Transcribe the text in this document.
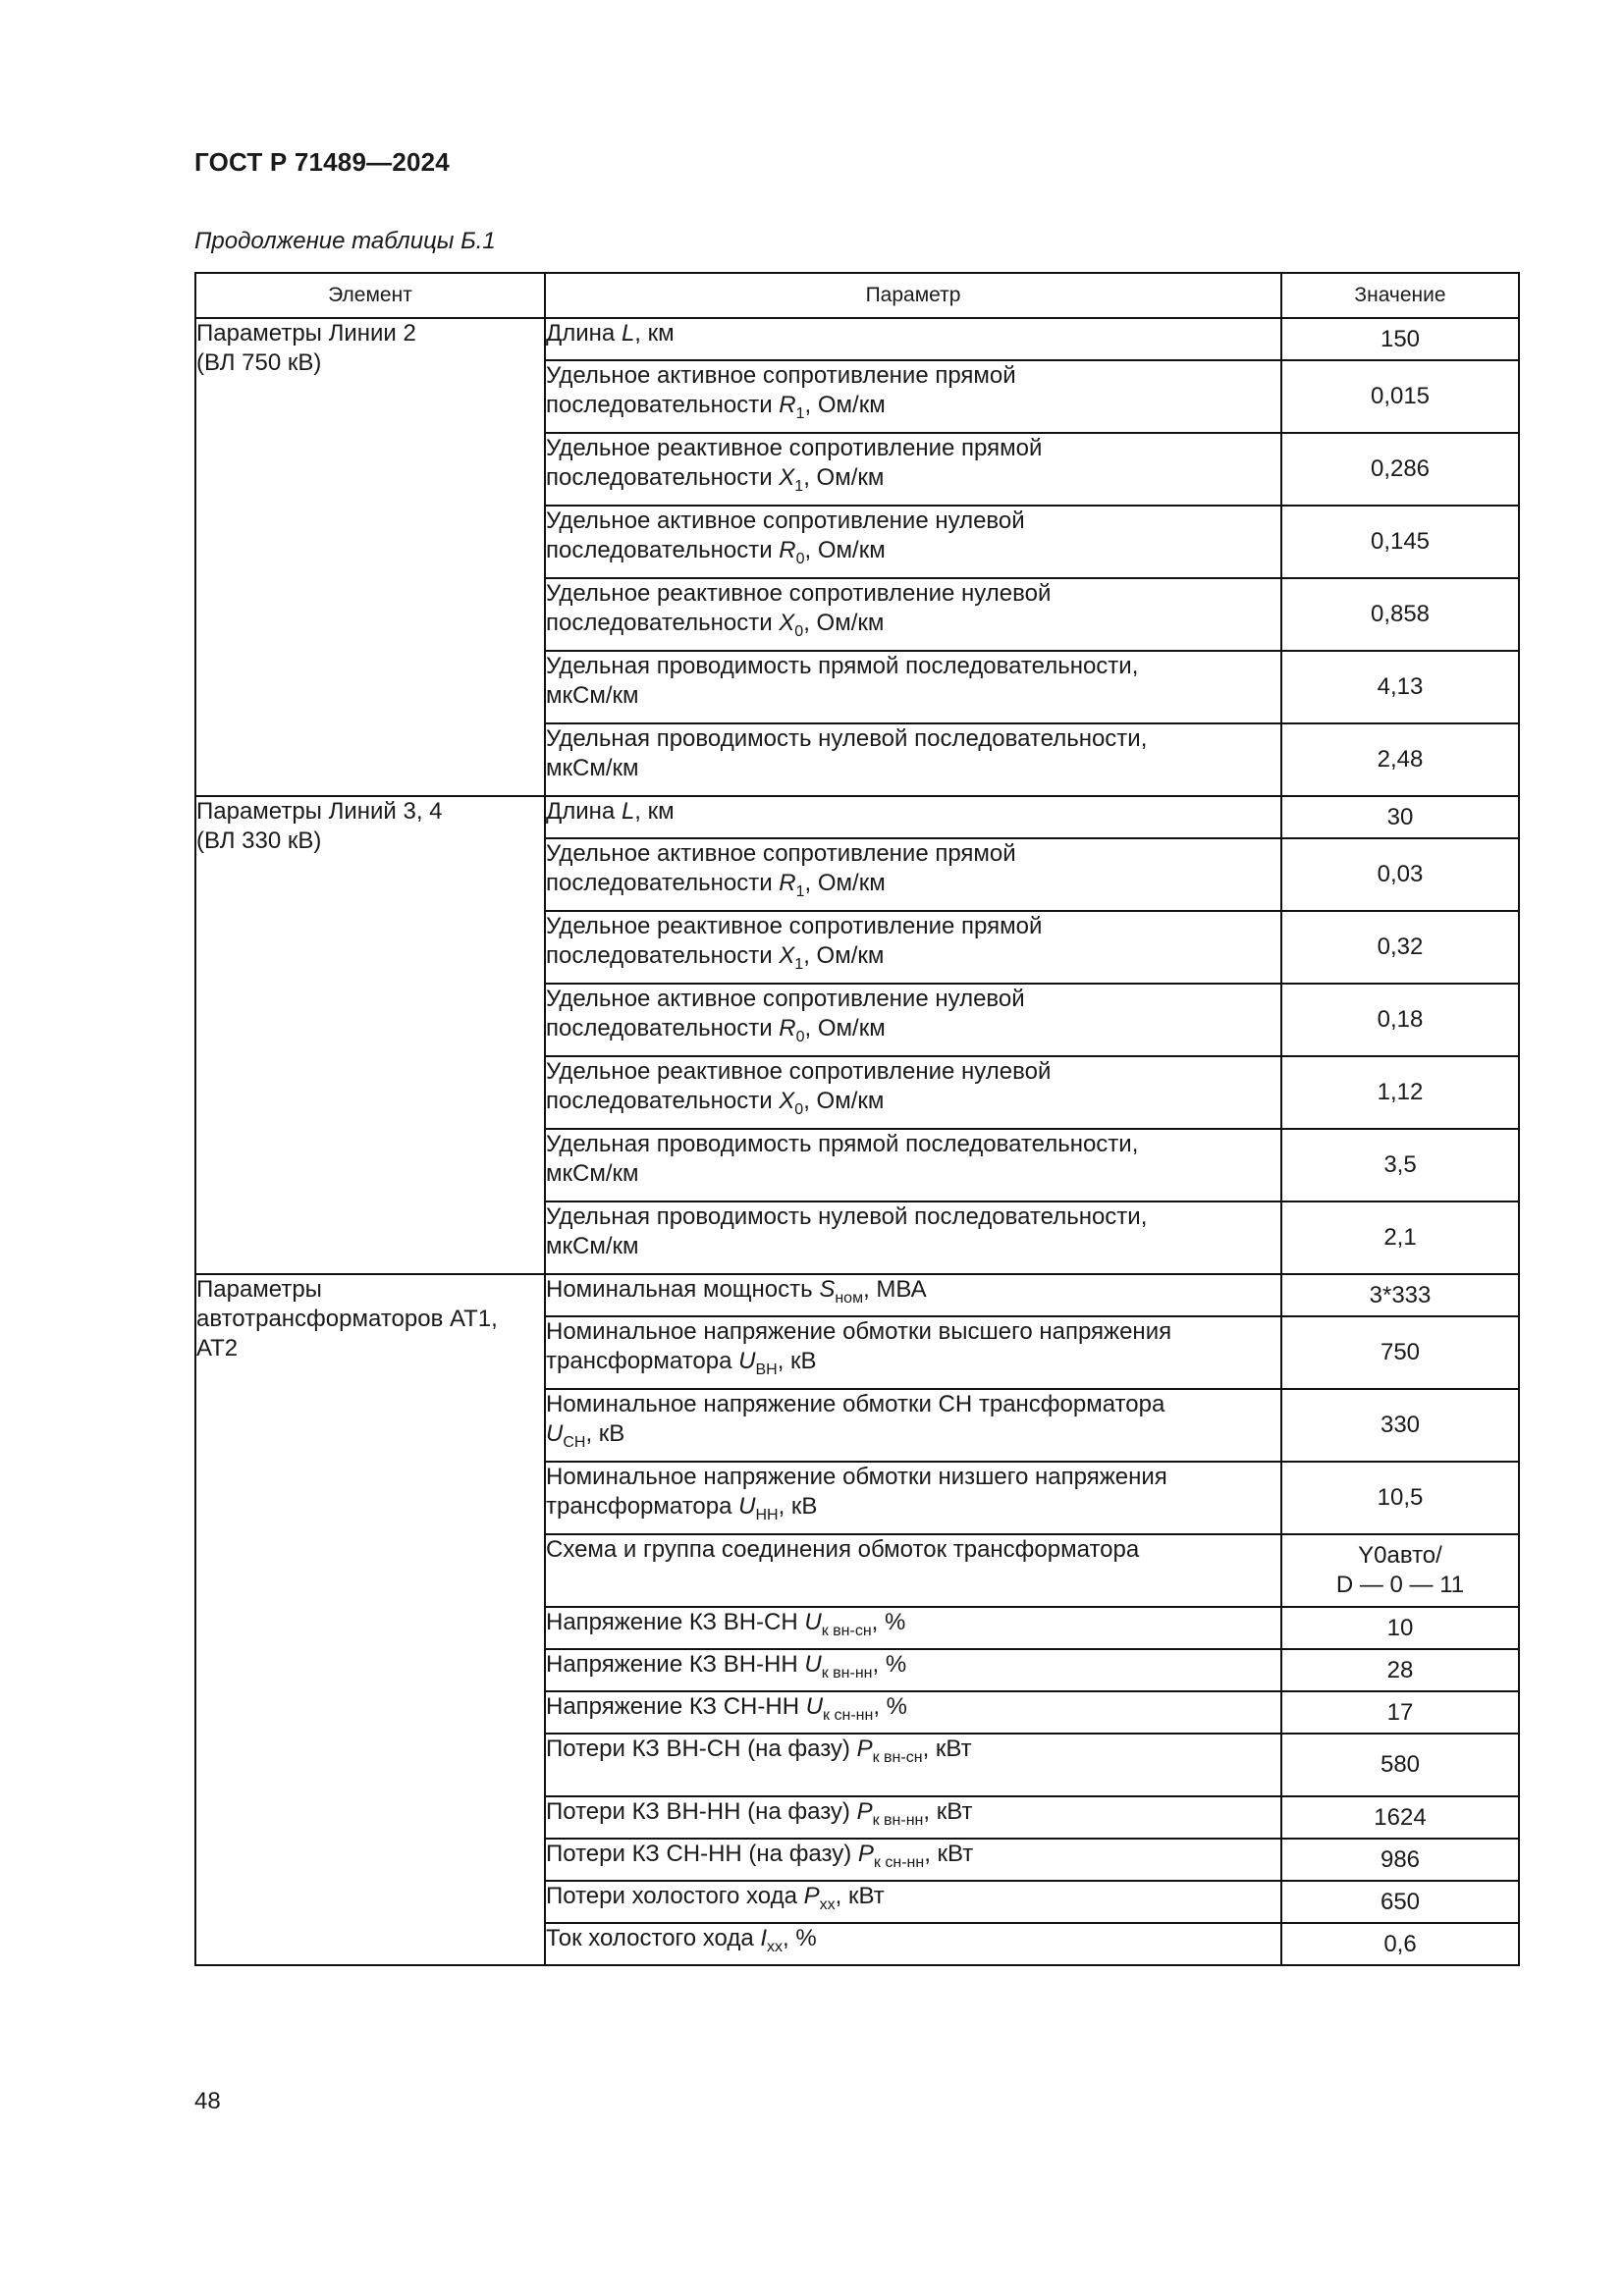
ГОСТ Р 71489—2024
Продолжение таблицы Б.1
Элемент	Параметр	Значение

Параметры Линии 2
(ВЛ 750 кВ)	Длина L, км	150

	Удельное активное сопротивление прямой
последовательности $R_1$, Ом/км	0,015

	Удельное реактивное сопротивление прямой
последовательности $X_1$, Ом/км	0,286

	Удельное активное сопротивление нулевой
последовательности $R_0$, Ом/км	0,145

	Удельное реактивное сопротивление нулевой
последовательности $X_0$, Ом/км	0,858

	Удельная проводимость прямой последовательности,
мкСм/км	4,13

	Удельная проводимость нулевой последовательности,
мкСм/км	2,48

Параметры Линий 3, 4
(ВЛ 330 кВ)	Длина L, км	30

	Удельное активное сопротивление прямой
последовательности $R_1$, Ом/км	0,03

	Удельное реактивное сопротивление прямой
последовательности $X_1$, Ом/км	0,32

	Удельное активное сопротивление нулевой
последовательности $R_0$, Ом/км	0,18

	Удельное реактивное сопротивление нулевой
последовательности $X_0$, Ом/км	1,12

	Удельная проводимость прямой последовательности,
мкСм/км	3,5

	Удельная проводимость нулевой последовательности,
мкСм/км	2,1

Параметры
автотрансформаторов АТ1,
АТ2	Номинальная мощность $S_{ном}$, МВА	3*333

	Номинальное напряжение обмотки высшего напряжения
трансформатора $U_{ВН}$, кВ	750

	Номинальное напряжение обмотки СН трансформатора
$U_{СН}$, кВ	330

	Номинальное напряжение обмотки низшего напряжения
трансформатора $U_{НН}$, кВ	10,5

	Схема и группа соединения обмоток трансформатора	Y0авто/
D — 0 — 11

	Напряжение КЗ ВН-СН $U_{к вн-сн}$, %	10

	Напряжение КЗ ВН-НН $U_{к вн-нн}$, %	28

	Напряжение КЗ СН-НН $U_{к сн-нн}$, %	17

	Потери КЗ ВН-СН (на фазу) $P_{к вн-сн}$, кВт	580

	Потери КЗ ВН-НН (на фазу) $P_{к вн-нн}$, кВт	1624

	Потери КЗ СН-НН (на фазу) $P_{к сн-нн}$, кВт	986

	Потери холостого хода $P_{хх}$, кВт	650

	Ток холостого хода $I_{хх}$, %	0,6
48
